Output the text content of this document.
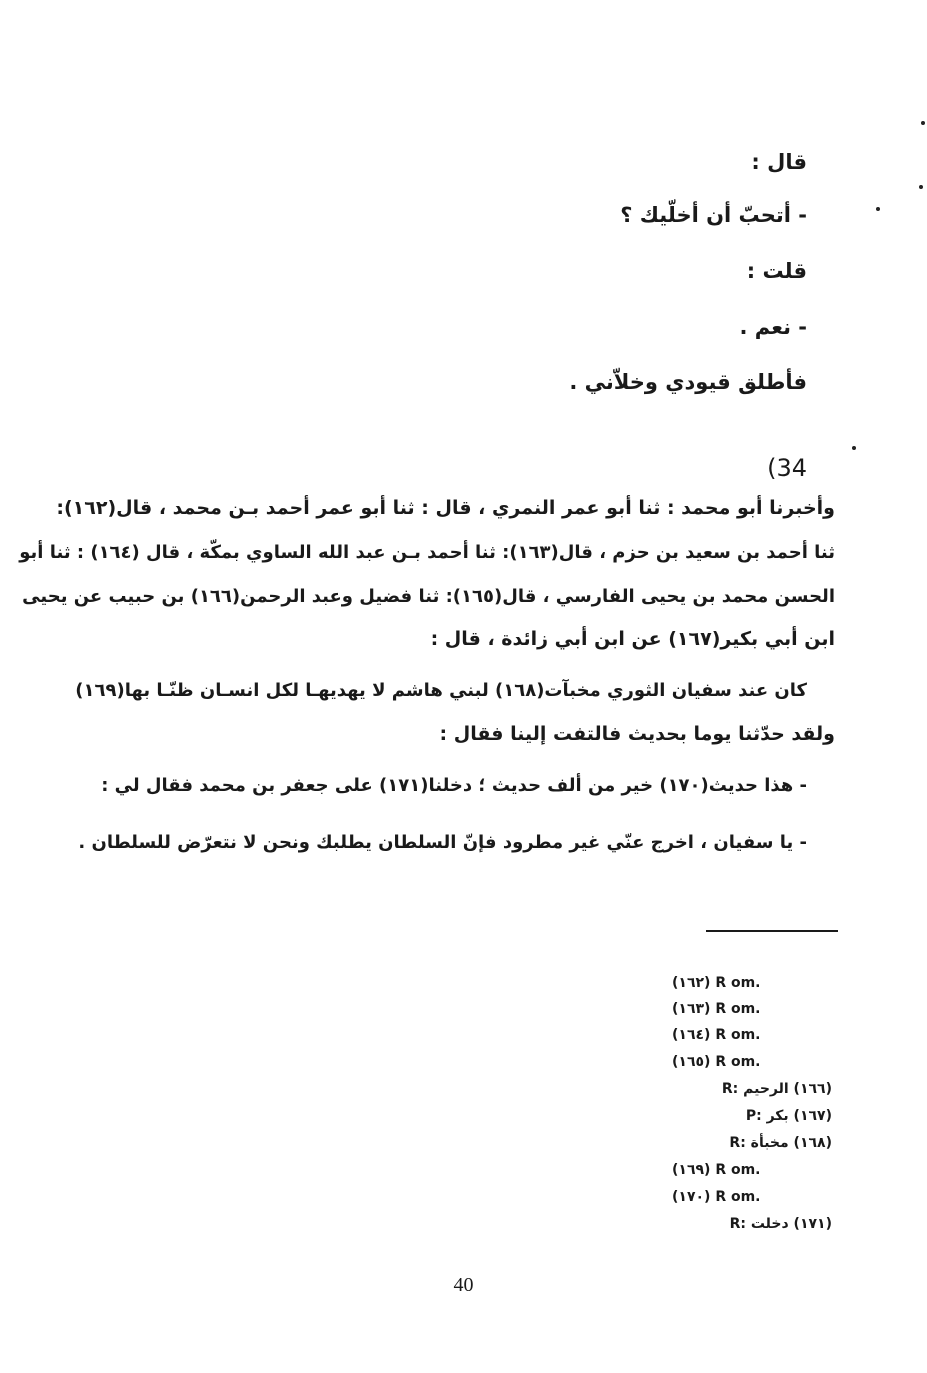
قال :
- أتحبّ أن أخلّيك ؟
قلت :
- نعم .
فأطلق قيودي وخلاّني .
(34
وأخبرنا أبو محمد : ثنا أبو عمر النمري ، قال : ثنا أبو عمر أحمد بـن محمد ، قال(١٦٢):
ثنا أحمد بن سعيد بن حزم ، قال(١٦٣): ثنا أحمد بـن عبد الله الساوي بمكّة ، قال (١٦٤) : ثنا أبو
الحسن محمد بن يحيى الفارسي ، قال(١٦٥): ثنا فضيل وعبد الرحمن(١٦٦) بن حبيب عن يحيى
ابن أبي بكير(١٦٧) عن ابن أبي زائدة ، قال :
كان عند سفيان الثوري مخبآت(١٦٨) لبني هاشم لا يهديهـا لكل انسـان ظنّـا بها(١٦٩)
ولقد حدّثنا يوما بحديث فالتفت إلينا فقال :
- هذا حديث(١٧٠) خير من ألف حديث ؛ دخلنا(١٧١) على جعفر بن محمد فقال لي :
- يا سفيان ، اخرج عنّي غير مطرود فإنّ السلطان يطلبك ونحن لا نتعرّض للسلطان .
(١٦٢) R om.
(١٦٣) R om.
(١٦٤) R om.
(١٦٥) R om.
(١٦٦) الرحيم :R
(١٦٧) بكر :P
(١٦٨) مخبأة :R
(١٦٩) R om.
(١٧٠) R om.
(١٧١) دخلت :R
40
